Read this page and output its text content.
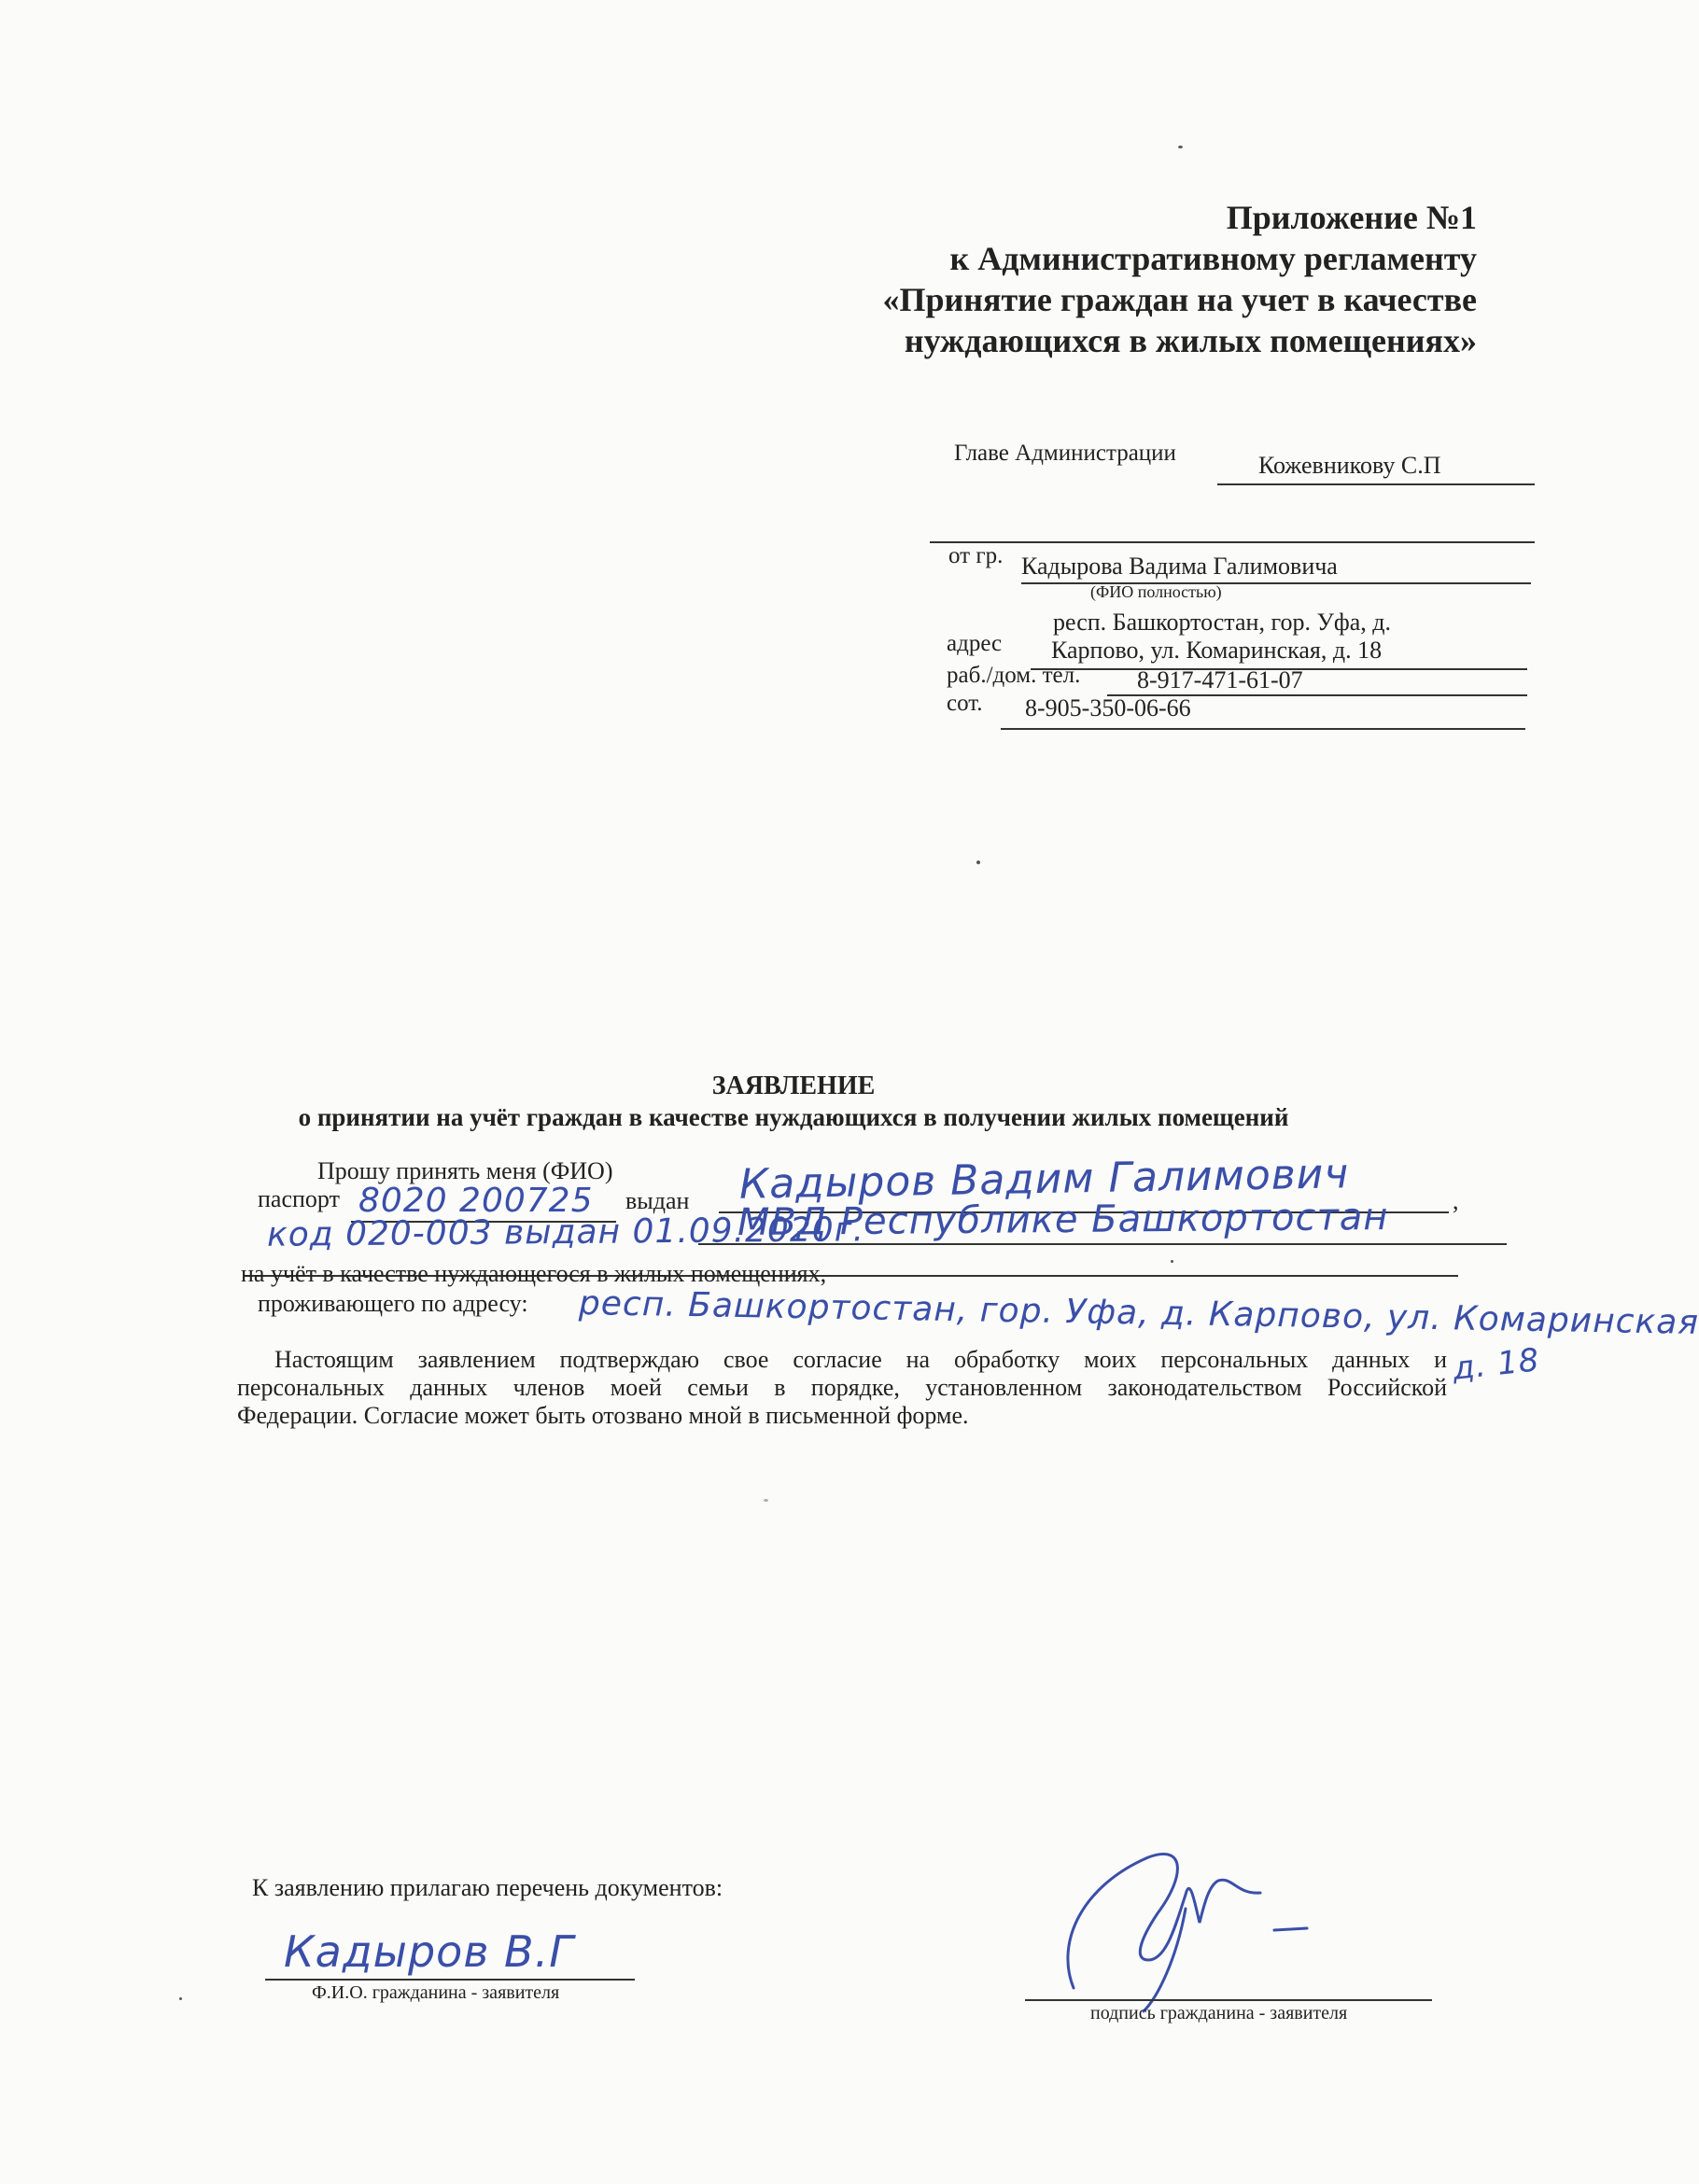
Приложение №1
к Административному регламенту
«Принятие граждан на учет в качестве
нуждающихся в жилых помещениях»
Главе Администрации	Кожевникову С.П
от гр. Кадырова Вадима Галимовича
(ФИО полностью)
респ. Башкортостан, гор. Уфа, д.
адрес Карпово, ул. Комаринская, д. 18
раб./дом. тел. 8-917-471-61-07
сот. 8-905-350-06-66
ЗАЯВЛЕНИЕ
о принятии на учёт граждан в качестве нуждающихся в получении жилых помещений
Прошу принять меня (ФИО)	Кадыров Вадим Галимович	,
паспорт 8020 200725 выдан МВД Республике Башкортостан
код 020-003 выдан 01.09.2020г.
на учёт в качестве нуждающегося в жилых помещениях,
проживающего по адресу: респ. Башкортостан, гор. Уфа, д. Карпово, ул. Комаринская
д. 18
Настоящим заявлением подтверждаю свое согласие на обработку моих персональных данных и
персональных данных членов моей семьи в порядке, установленном законодательством Российской
Федерации. Согласие может быть отозвано мной в письменной форме.
К заявлению прилагаю перечень документов:
Кадыров В.Г
Ф.И.О. гражданина - заявителя
подпись гражданина - заявителя
